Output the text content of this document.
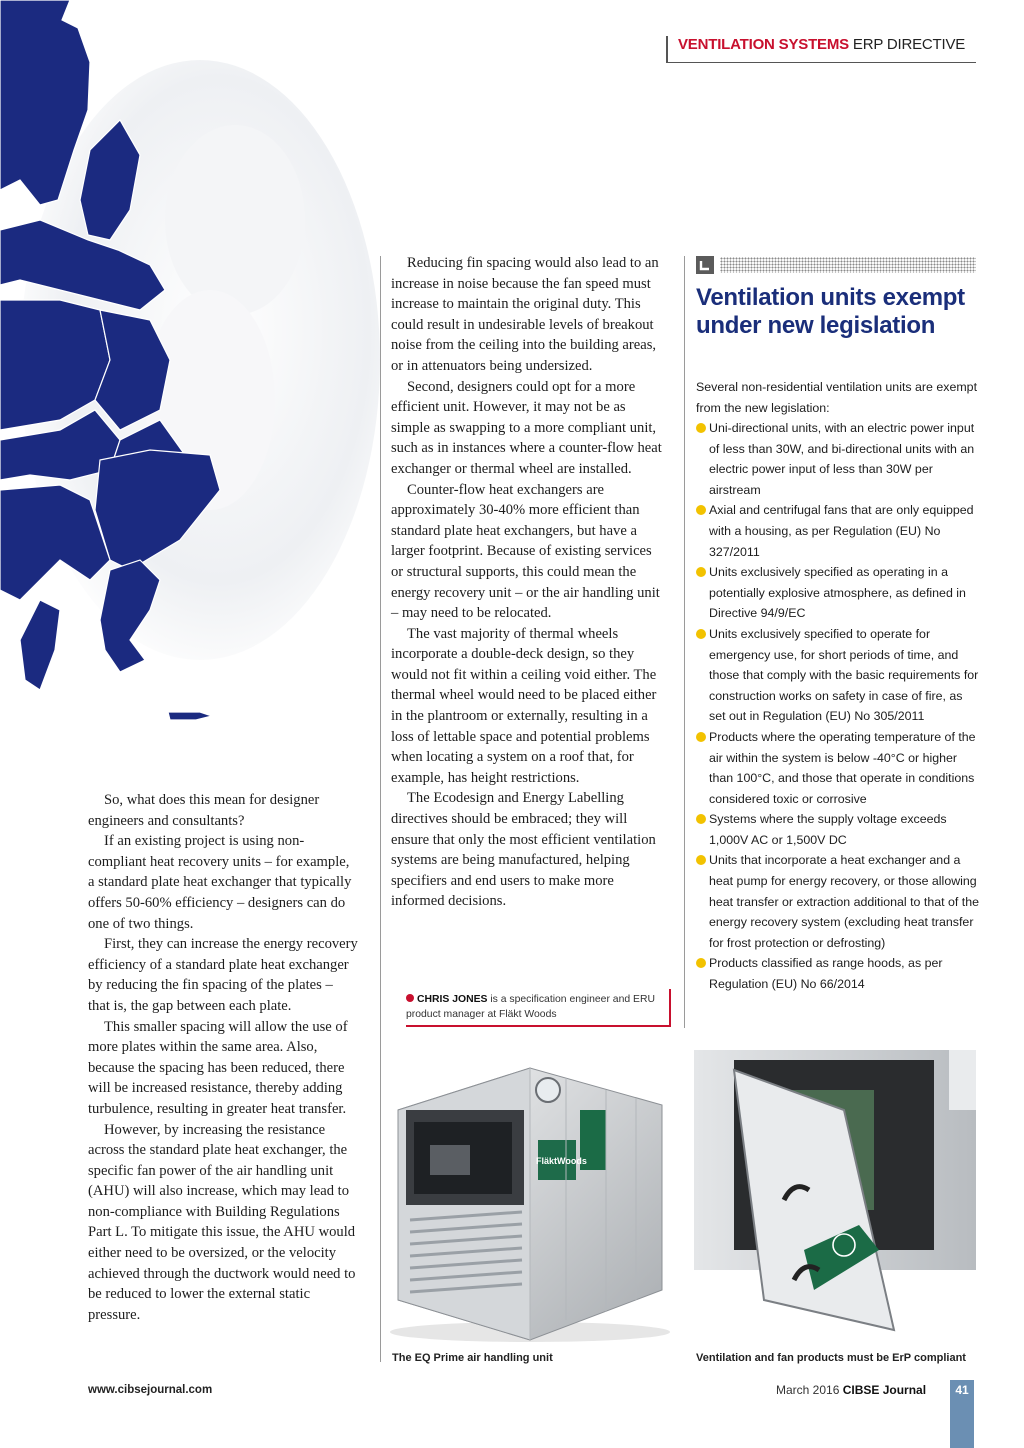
VENTILATION SYSTEMS ERP DIRECTIVE

So, what does this mean for designer engineers and consultants?

If an existing project is using non-compliant heat recovery units – for example, a standard plate heat exchanger that typically offers 50-60% efficiency – designers can do one of two things.

First, they can increase the energy recovery efficiency of a standard plate heat exchanger by reducing the fin spacing of the plates – that is, the gap between each plate.

This smaller spacing will allow the use of more plates within the same area. Also, because the spacing has been reduced, there will be increased resistance, thereby adding turbulence, resulting in greater heat transfer.

However, by increasing the resistance across the standard plate heat exchanger, the specific fan power of the air handling unit (AHU) will also increase, which may lead to non-compliance with Building Regulations Part L. To mitigate this issue, the AHU would either need to be oversized, or the velocity achieved through the ductwork would need to be reduced to lower the external static pressure.

Reducing fin spacing would also lead to an increase in noise because the fan speed must increase to maintain the original duty. This could result in undesirable levels of breakout noise from the ceiling into the building areas, or in attenuators being undersized.

Second, designers could opt for a more efficient unit. However, it may not be as simple as swapping to a more compliant unit, such as in instances where a counter-flow heat exchanger or thermal wheel are installed.

Counter-flow heat exchangers are approximately 30-40% more efficient than standard plate heat exchangers, but have a larger footprint. Because of existing services or structural supports, this could mean the energy recovery unit – or the air handling unit – may need to be relocated.

The vast majority of thermal wheels incorporate a double-deck design, so they would not fit within a ceiling void either. The thermal wheel would need to be placed either in the plantroom or externally, resulting in a loss of lettable space and potential problems when locating a system on a roof that, for example, has height restrictions.

The Ecodesign and Energy Labelling directives should be embraced; they will ensure that only the most efficient ventilation systems are being manufactured, helping specifiers and end users to make more informed decisions.

CHRIS JONES is a specification engineer and ERU product manager at Fläkt Woods
Ventilation units exempt under new legislation
Several non-residential ventilation units are exempt from the new legislation:
Uni-directional units, with an electric power input of less than 30W, and bi-directional units with an electric power input of less than 30W per airstream
Axial and centrifugal fans that are only equipped with a housing, as per Regulation (EU) No 327/2011
Units exclusively specified as operating in a potentially explosive atmosphere, as defined in Directive 94/9/EC
Units exclusively specified to operate for emergency use, for short periods of time, and those that comply with the basic requirements for construction works on safety in case of fire, as set out in Regulation (EU) No 305/2011
Products where the operating temperature of the air within the system is below -40°C or higher than 100°C, and those that operate in conditions considered toxic or corrosive
Systems where the supply voltage exceeds 1,000V AC or 1,500V DC
Units that incorporate a heat exchanger and a heat pump for energy recovery, or those allowing heat transfer or extraction additional to that of the energy recovery system (excluding heat transfer for frost protection or defrosting)
Products classified as range hoods, as per Regulation (EU) No 66/2014
FläktWoods
The EQ Prime air handling unit	Ventilation and fan products must be ErP compliant
www.cibsejournal.com	March 2016 CIBSE Journal	41
